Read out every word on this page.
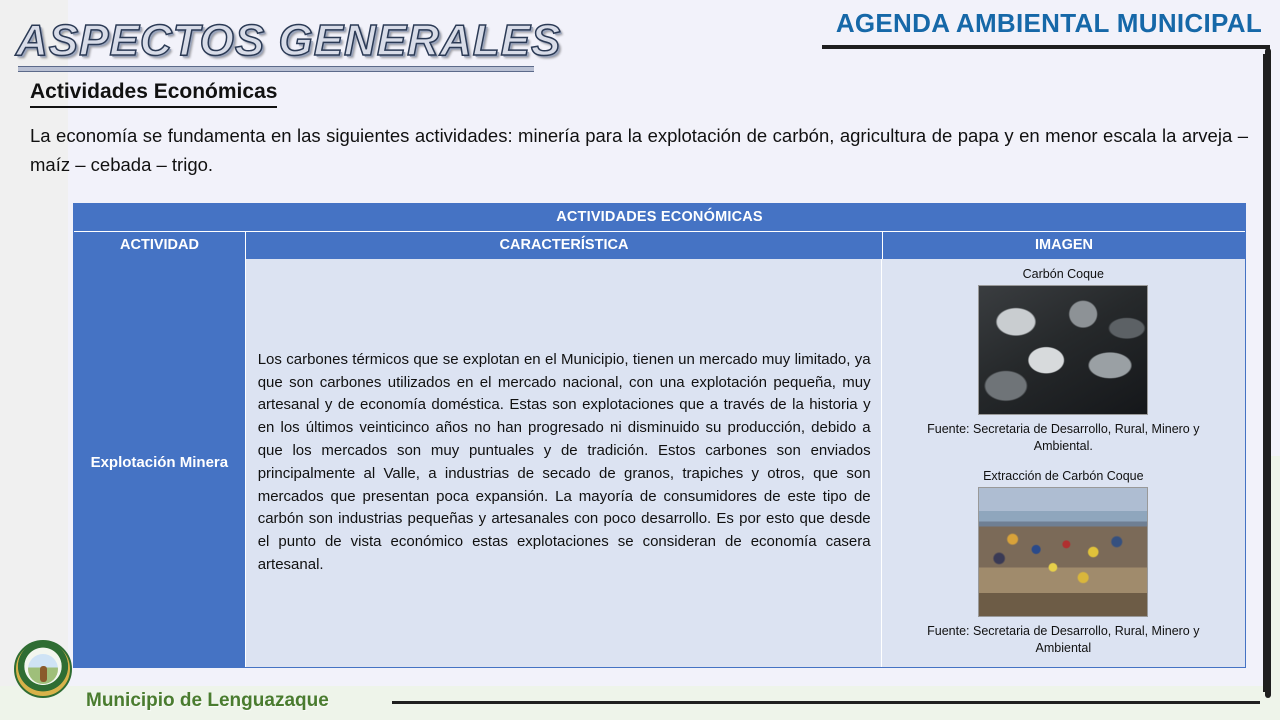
AGENDA AMBIENTAL MUNICIPAL
ASPECTOS GENERALES
Actividades Económicas
La economía se fundamenta en las siguientes actividades: minería para la explotación de carbón, agricultura de papa y en menor escala la arveja – maíz – cebada – trigo.
ACTIVIDADES ECONÓMICAS
ACTIVIDAD	CARACTERÍSTICA	IMAGEN
Explotación Minera
Los carbones térmicos que se explotan en el Municipio, tienen un mercado muy limitado, ya que son carbones utilizados en el mercado nacional, con una explotación pequeña, muy artesanal y de economía doméstica. Estas son explotaciones que a través de la historia y en los últimos veinticinco años no han progresado ni disminuido su producción, debido a que los mercados son muy puntuales y de tradición. Estos carbones son enviados principalmente al Valle, a industrias de secado de granos, trapiches y otros, que son mercados que presentan poca expansión. La mayoría de consumidores de este tipo de carbón son industrias pequeñas y artesanales con poco desarrollo. Es por esto que desde el punto de vista económico estas explotaciones se consideran de economía casera artesanal.
Carbón Coque
Fuente: Secretaria de Desarrollo, Rural, Minero y Ambiental.
Extracción de Carbón Coque
Fuente: Secretaria de Desarrollo, Rural, Minero y Ambiental
Municipio de Lenguazaque
